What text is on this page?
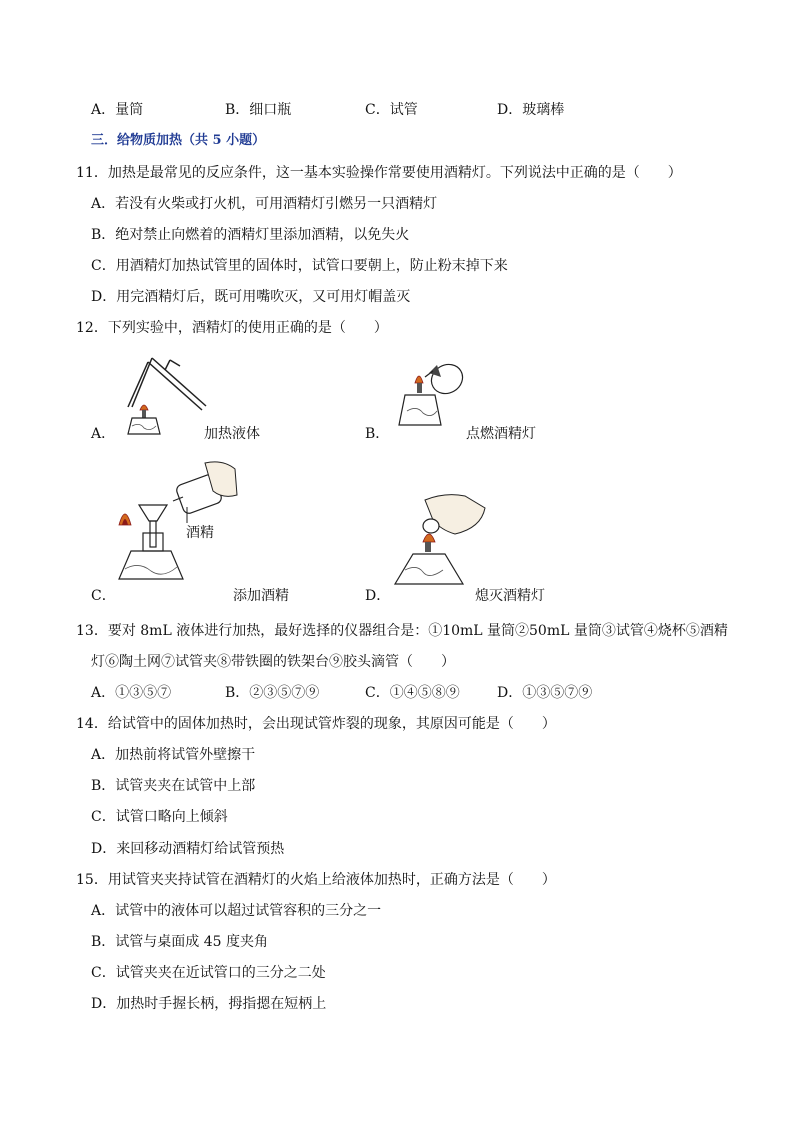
A．量筒	B．细口瓶	C．试管	D．玻璃棒
三．给物质加热（共 5 小题）
11．加热是最常见的反应条件，这一基本实验操作常要使用酒精灯。下列说法中正确的是（　　）
A．若没有火柴或打火机，可用酒精灯引燃另一只酒精灯
B．绝对禁止向燃着的酒精灯里添加酒精，以免失火
C．用酒精灯加热试管里的固体时，试管口要朝上，防止粉末掉下来
D．用完酒精灯后，既可用嘴吹灭，又可用灯帽盖灭
12．下列实验中，酒精灯的使用正确的是（　　）
A．	加热液体	B．	点燃酒精灯
酒精
C．	添加酒精	D．	熄灭酒精灯
13．要对 8mL 液体进行加热，最好选择的仪器组合是：①10mL 量筒②50mL 量筒③试管④烧杯⑤酒精
灯⑥陶土网⑦试管夹⑧带铁圈的铁架台⑨胶头滴管（　　）
A．①③⑤⑦	B．②③⑤⑦⑨	C．①④⑤⑧⑨	D．①③⑤⑦⑨
14．给试管中的固体加热时，会出现试管炸裂的现象，其原因可能是（　　）
A．加热前将试管外壁擦干
B．试管夹夹在试管中上部
C．试管口略向上倾斜
D．来回移动酒精灯给试管预热
15．用试管夹夹持试管在酒精灯的火焰上给液体加热时，正确方法是（　　）
A．试管中的液体可以超过试管容积的三分之一
B．试管与桌面成 45 度夹角
C．试管夹夹在近试管口的三分之二处
D．加热时手握长柄，拇指摁在短柄上
